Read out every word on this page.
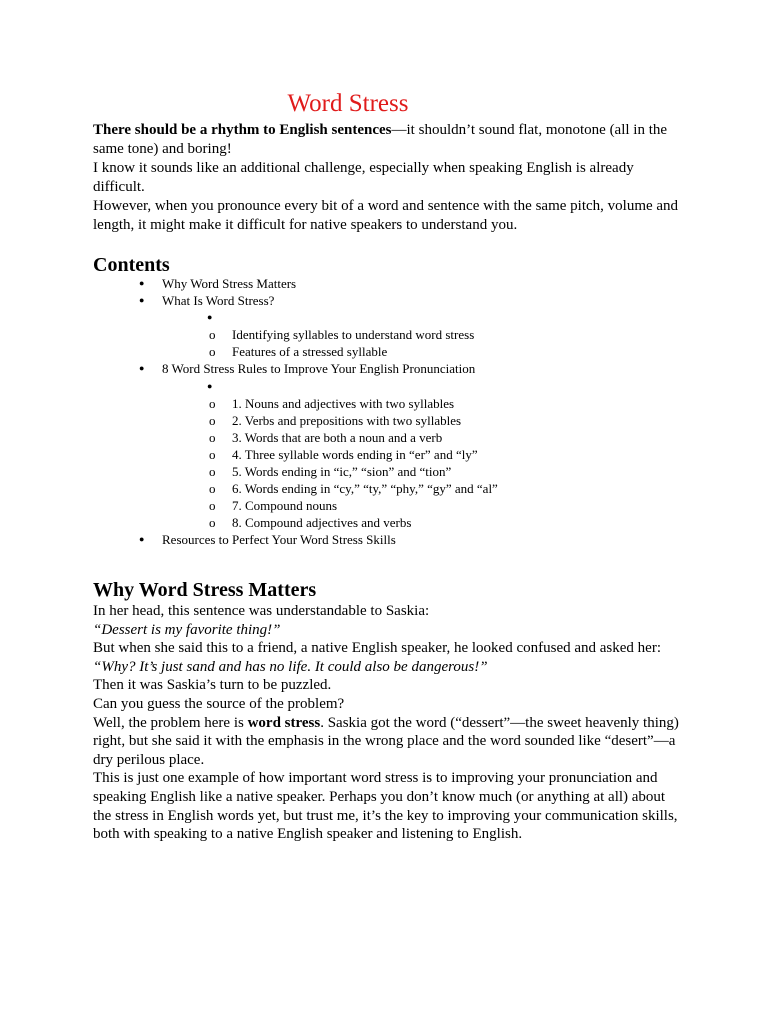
Word Stress

There should be a rhythm to English sentences—it shouldn’t sound flat, monotone (all in the same tone) and boring!

I know it sounds like an additional challenge, especially when speaking English is already difficult.

However, when you pronounce every bit of a word and sentence with the same pitch, volume and length, it might make it difficult for native speakers to understand you.

Contents
● Why Word Stress Matters
● What Is Word Stress?
●
o Identifying syllables to understand word stress
o Features of a stressed syllable
● 8 Word Stress Rules to Improve Your English Pronunciation
●
o 1. Nouns and adjectives with two syllables
o 2. Verbs and prepositions with two syllables
o 3. Words that are both a noun and a verb
o 4. Three syllable words ending in “er” and “ly”
o 5. Words ending in “ic,” “sion” and “tion”
o 6. Words ending in “cy,” “ty,” “phy,” “gy” and “al”
o 7. Compound nouns
o 8. Compound adjectives and verbs
● Resources to Perfect Your Word Stress Skills
Why Word Stress Matters

In her head, this sentence was understandable to Saskia:

“Dessert is my favorite thing!”

But when she said this to a friend, a native English speaker, he looked confused and asked her:

“Why? It’s just sand and has no life. It could also be dangerous!”

Then it was Saskia’s turn to be puzzled.

Can you guess the source of the problem?

Well, the problem here is word stress. Saskia got the word (“dessert”—the sweet heavenly thing) right, but she said it with the emphasis in the wrong place and the word sounded like “desert”—a dry perilous place.

This is just one example of how important word stress is to improving your pronunciation and speaking English like a native speaker. Perhaps you don’t know much (or anything at all) about the stress in English words yet, but trust me, it’s the key to improving your communication skills, both with speaking to a native English speaker and listening to English.
